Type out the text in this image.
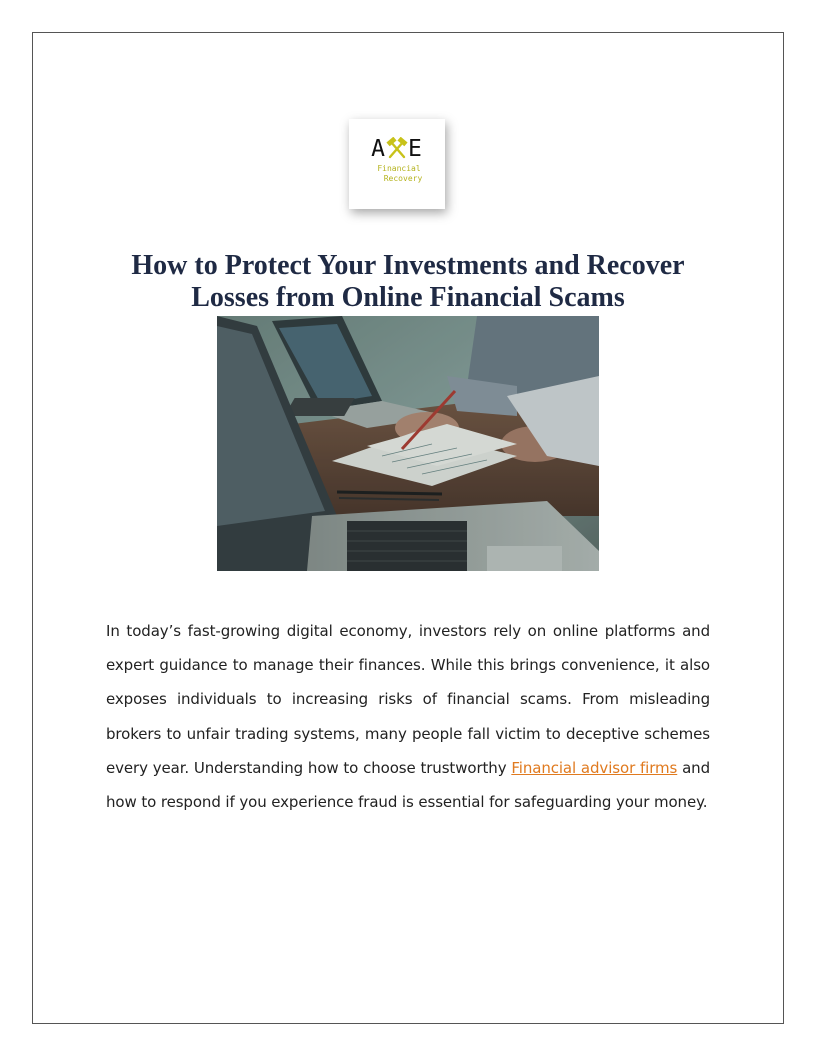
A E
Financial
Recovery
How to Protect Your Investments and Recover
Losses from Online Financial Scams

In today’s fast-growing digital economy, investors rely on online platforms and expert guidance to manage their finances. While this brings convenience, it also exposes individuals to increasing risks of financial scams. From misleading brokers to unfair trading systems, many people fall victim to deceptive schemes every year. Understanding how to choose trustworthy Financial advisor firms and how to respond if you experience fraud is essential for safeguarding your money.
